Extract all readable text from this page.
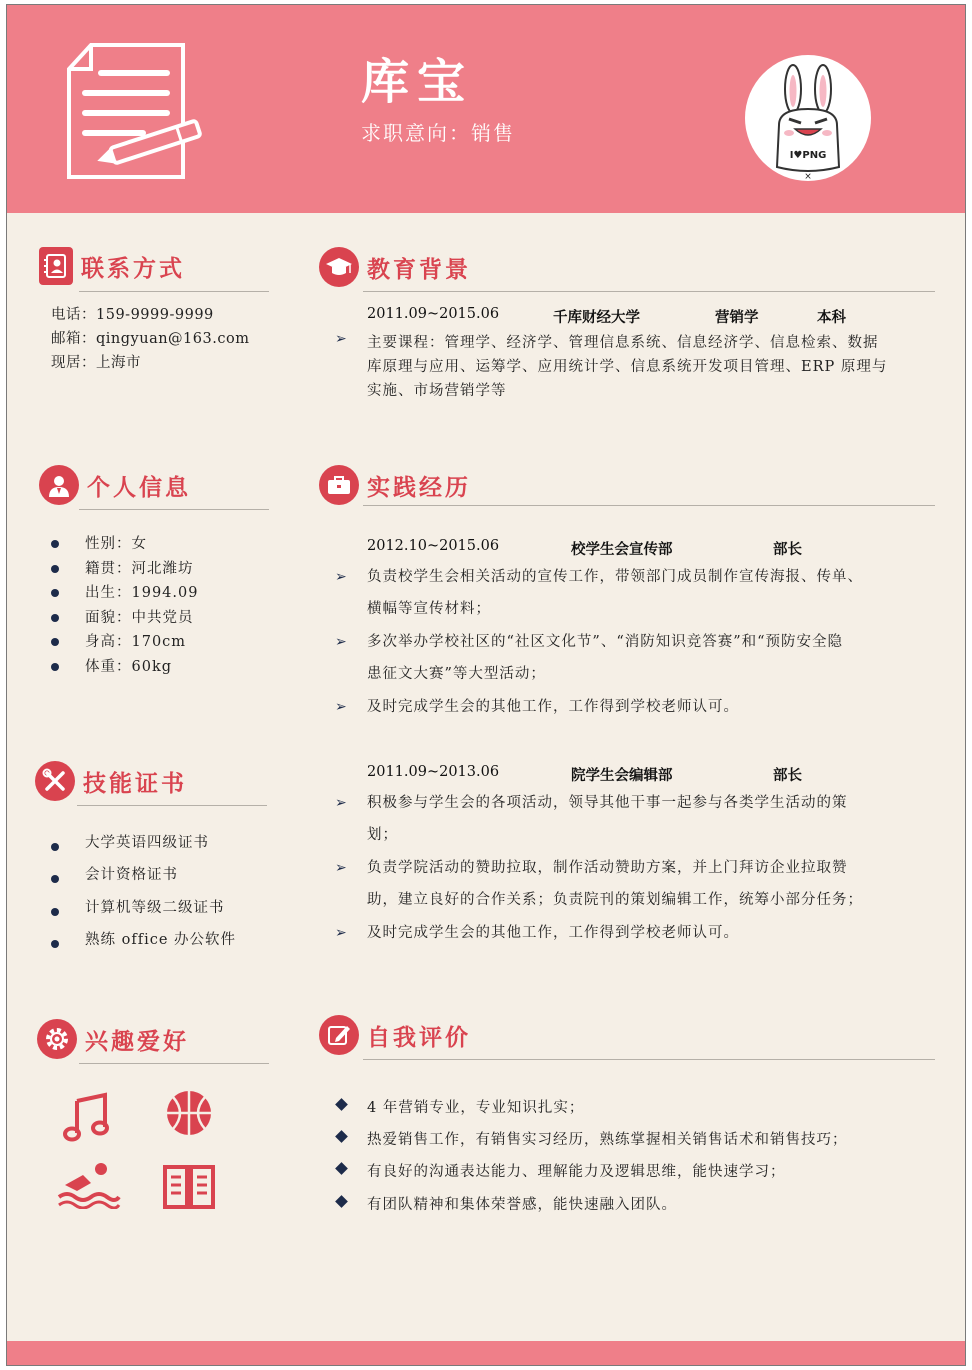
库宝
求职意向：销售
I♥PNG
×
联系方式
电话：159-9999-9999
邮箱：qingyuan@163.com
现居：上海市
个人信息
性别：女
籍贯：河北潍坊
出生：1994.09
面貌：中共党员
身高：170cm
体重：60kg
技能证书
大学英语四级证书
会计资格证书
计算机等级二级证书
熟练 office 办公软件
兴趣爱好
教育背景
2011.09~2015.06	千库财经大学	营销学	本科
➢ 主要课程：管理学、经济学、管理信息系统、信息经济学、信息检索、数据
库原理与应用、运筹学、应用统计学、信息系统开发项目管理、ERP 原理与
实施、市场营销学等
实践经历
2012.10~2015.06	校学生会宣传部	部长
➢ 负责校学生会相关活动的宣传工作，带领部门成员制作宣传海报、传单、
横幅等宣传材料；
➢ 多次举办学校社区的“社区文化节”、“消防知识竞答赛”和“预防安全隐
患征文大赛”等大型活动；
➢ 及时完成学生会的其他工作，工作得到学校老师认可。
2011.09~2013.06	院学生会编辑部	部长
➢ 积极参与学生会的各项活动，领导其他干事一起参与各类学生活动的策
划；
➢ 负责学院活动的赞助拉取，制作活动赞助方案，并上门拜访企业拉取赞
助，建立良好的合作关系；负责院刊的策划编辑工作，统筹小部分任务；
➢ 及时完成学生会的其他工作，工作得到学校老师认可。
自我评价
4 年营销专业，专业知识扎实；
热爱销售工作，有销售实习经历，熟练掌握相关销售话术和销售技巧；
有良好的沟通表达能力、理解能力及逻辑思维，能快速学习；
有团队精神和集体荣誉感，能快速融入团队。
